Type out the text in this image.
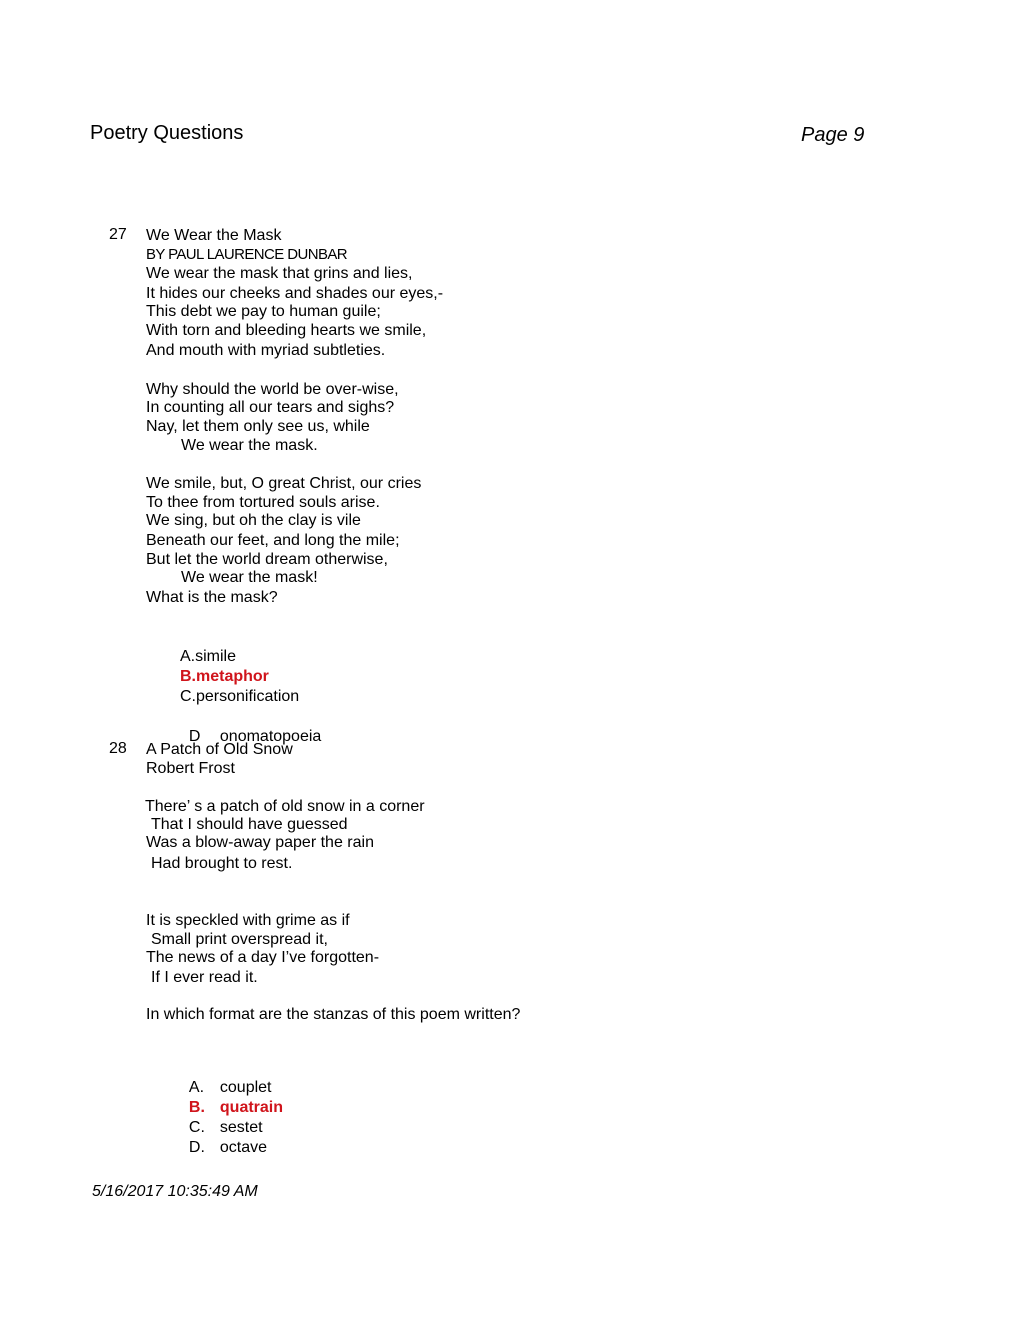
Poetry Questions	Page 9
27 We Wear the Mask
BY PAUL LAURENCE DUNBAR
We wear the mask that grins and lies,
It hides our cheeks and shades our eyes,-
This debt we pay to human guile;
With torn and bleeding hearts we smile,
And mouth with myriad subtleties.
Why should the world be over-wise,
In counting all our tears and sighs?
Nay, let them only see us, while
We wear the mask.
We smile, but, O great Christ, our cries
To thee from tortured souls arise.
We sing, but oh the clay is vile
Beneath our feet, and long the mile;
But let the world dream otherwise,
We wear the mask!
What is the mask?
A.simile
B.metaphor
C.personification

D onomatopoeia

28 A Patch of Old Snow
Robert Frost
There’ s a patch of old snow in a corner
That I should have guessed
Was a blow-away paper the rain
Had brought to rest.
It is speckled with grime as if
Small print overspread it,
The news of a day I’ve forgotten-
If I ever read it.
In which format are the stanzas of this poem written?

A. couplet

B. quatrain

C. sestet

D. octave

5/16/2017 10:35:49 AM
